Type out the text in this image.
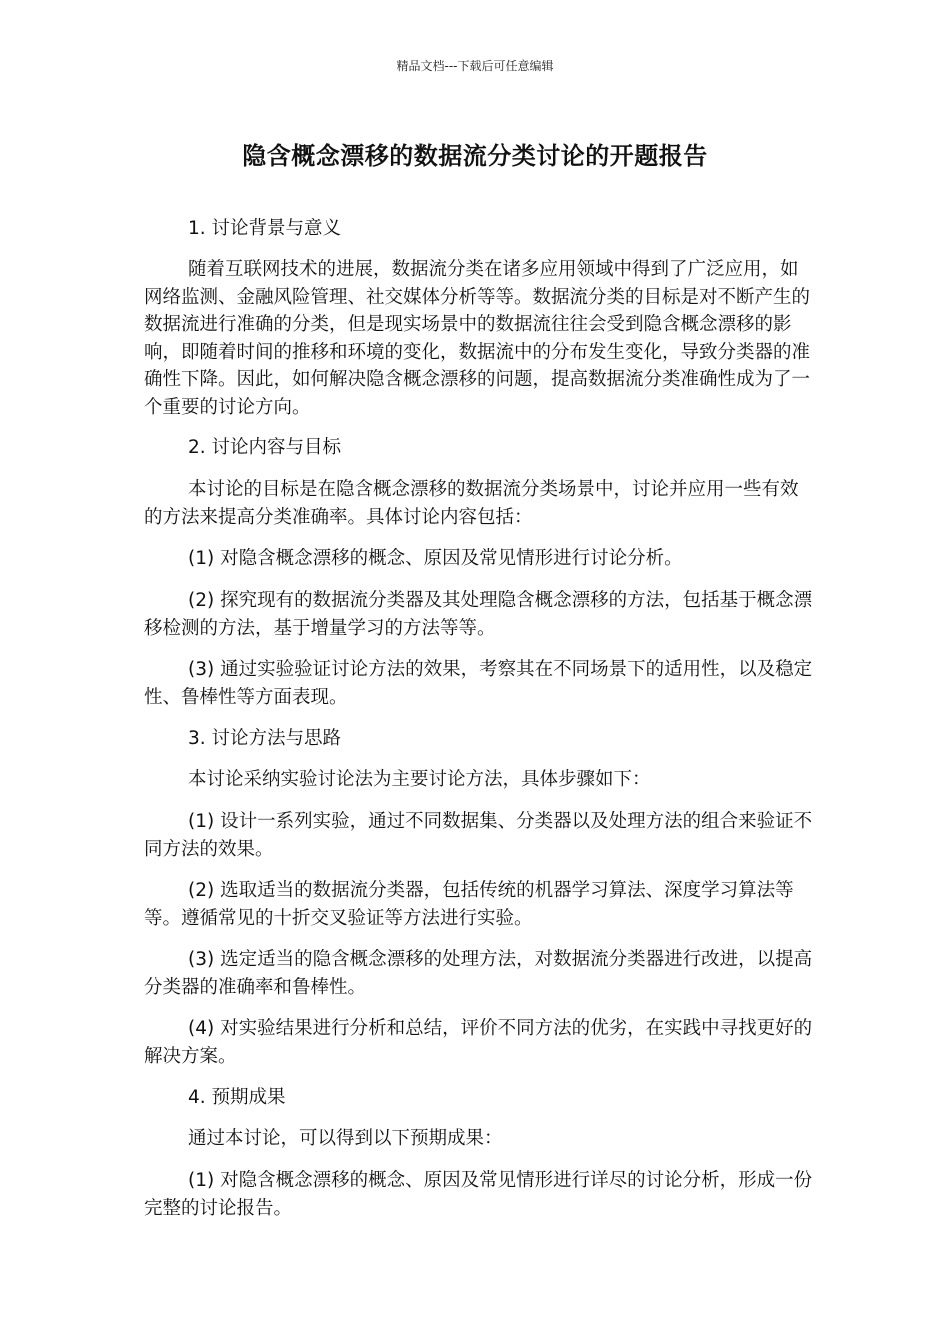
精品文档---下载后可任意编辑
隐含概念漂移的数据流分类讨论的开题报告

1. 讨论背景与意义

随着互联网技术的进展，数据流分类在诸多应用领域中得到了广泛应用，如网络监测、金融风险管理、社交媒体分析等等。数据流分类的目标是对不断产生的数据流进行准确的分类，但是现实场景中的数据流往往会受到隐含概念漂移的影响，即随着时间的推移和环境的变化，数据流中的分布发生变化，导致分类器的准确性下降。因此，如何解决隐含概念漂移的问题，提高数据流分类准确性成为了一个重要的讨论方向。

2. 讨论内容与目标

本讨论的目标是在隐含概念漂移的数据流分类场景中，讨论并应用一些有效的方法来提高分类准确率。具体讨论内容包括：

(1) 对隐含概念漂移的概念、原因及常见情形进行讨论分析。

(2) 探究现有的数据流分类器及其处理隐含概念漂移的方法，包括基于概念漂移检测的方法，基于增量学习的方法等等。

(3) 通过实验验证讨论方法的效果，考察其在不同场景下的适用性，以及稳定性、鲁棒性等方面表现。

3. 讨论方法与思路

本讨论采纳实验讨论法为主要讨论方法，具体步骤如下：

(1) 设计一系列实验，通过不同数据集、分类器以及处理方法的组合来验证不同方法的效果。

(2) 选取适当的数据流分类器，包括传统的机器学习算法、深度学习算法等等。遵循常见的十折交叉验证等方法进行实验。

(3) 选定适当的隐含概念漂移的处理方法，对数据流分类器进行改进，以提高分类器的准确率和鲁棒性。

(4) 对实验结果进行分析和总结，评价不同方法的优劣，在实践中寻找更好的解决方案。

4. 预期成果

通过本讨论，可以得到以下预期成果：

(1) 对隐含概念漂移的概念、原因及常见情形进行详尽的讨论分析，形成一份完整的讨论报告。
